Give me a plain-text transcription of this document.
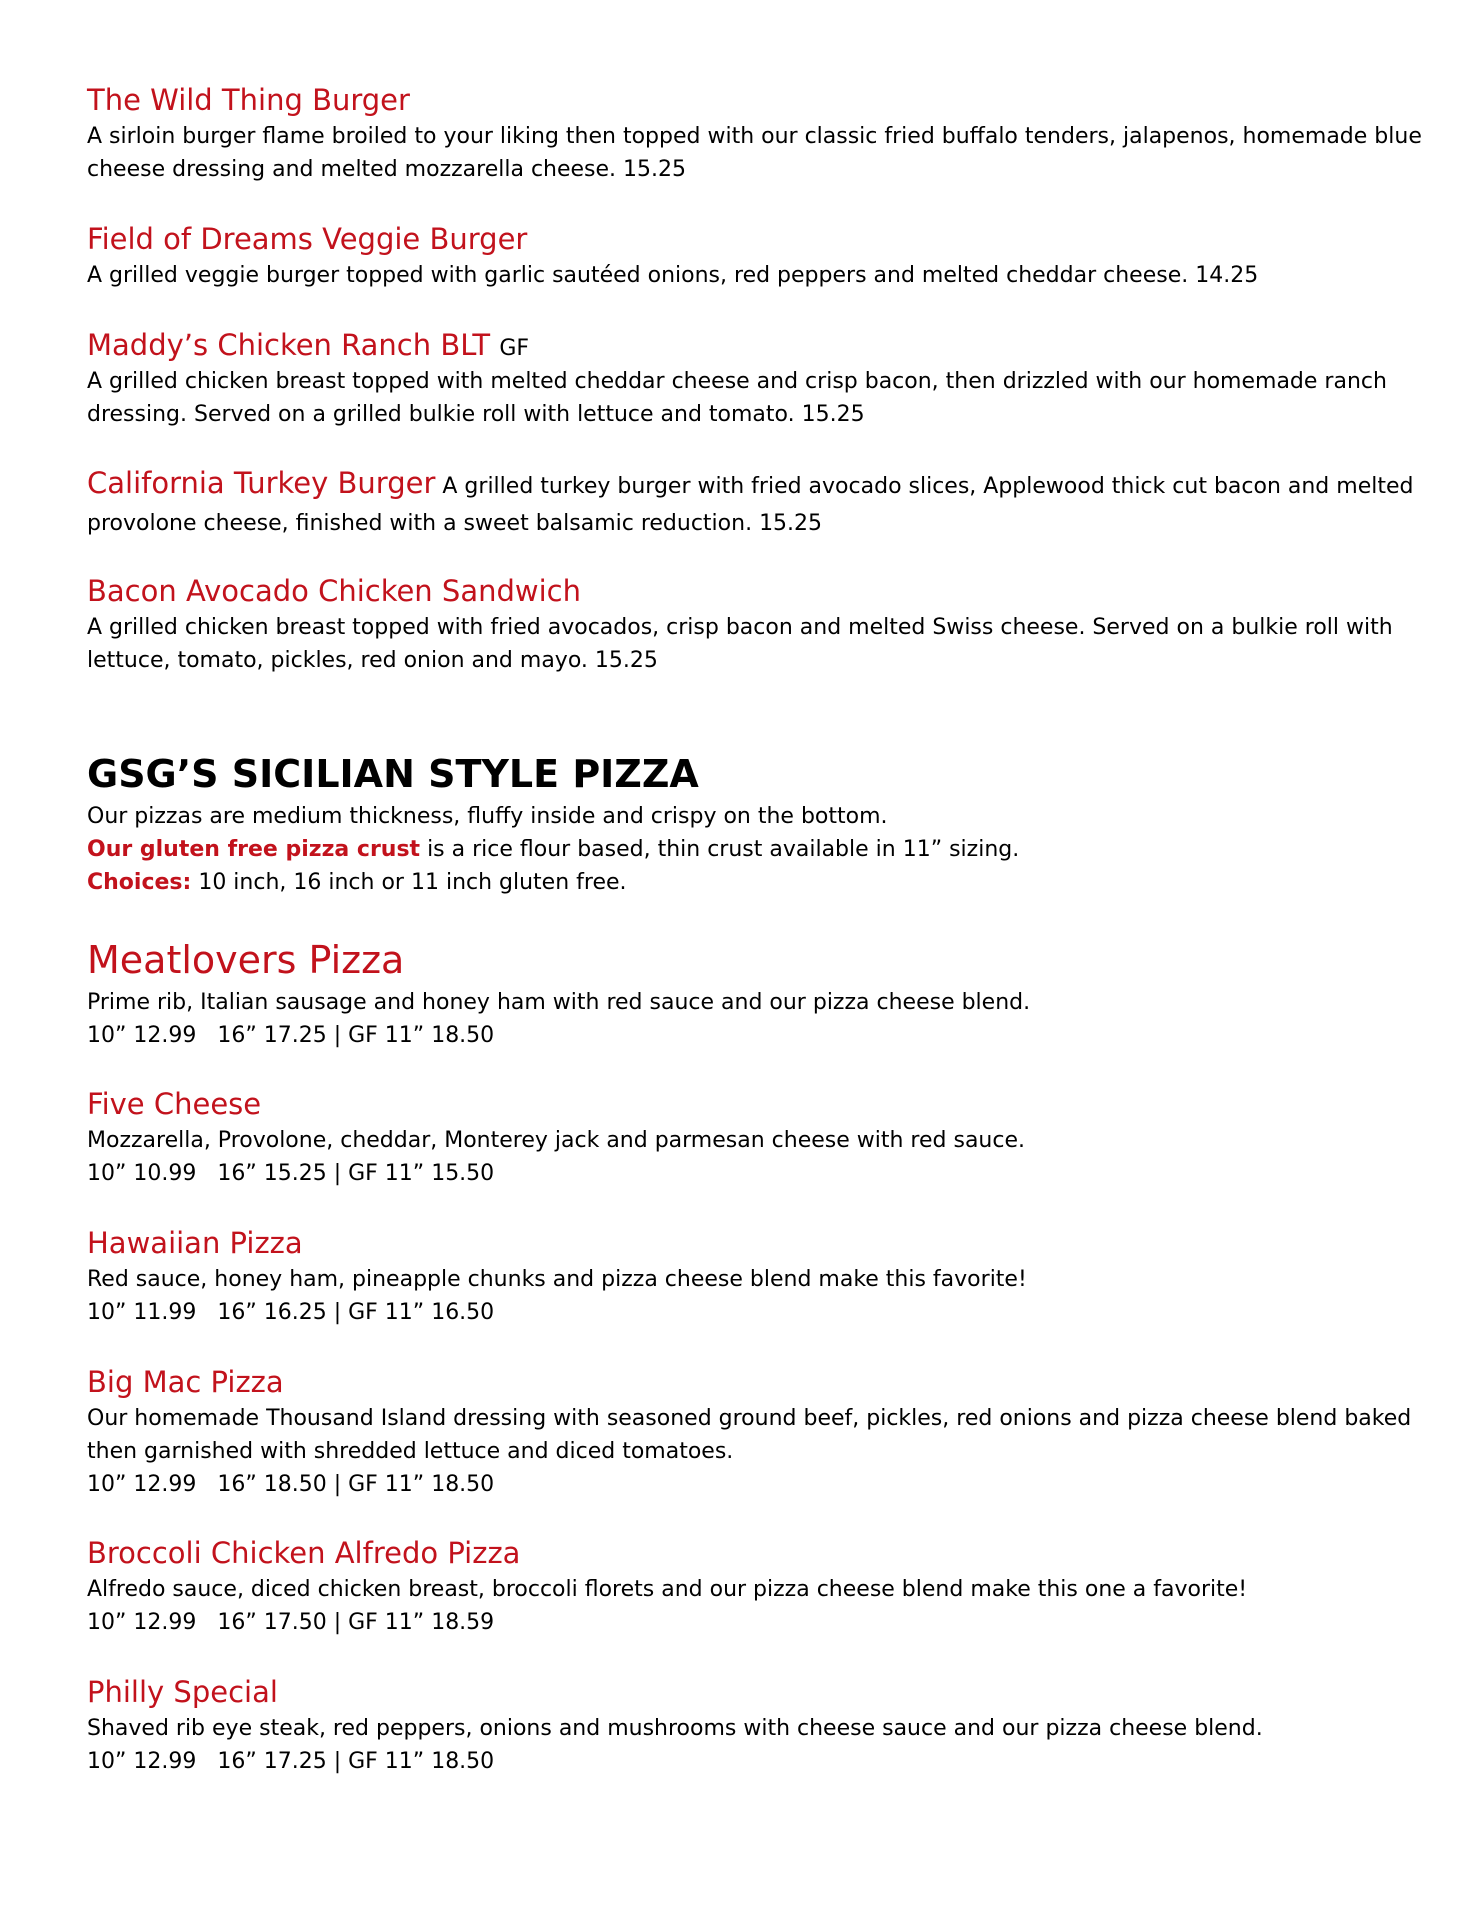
The Wild Thing Burger
A sirloin burger flame broiled to your liking then topped with our classic fried buffalo tenders, jalapenos, homemade blue cheese dressing and melted mozzarella cheese. 15.25
Field of Dreams Veggie Burger
A grilled veggie burger topped with garlic sautéed onions, red peppers and melted cheddar cheese. 14.25
Maddy’s Chicken Ranch BLT GF
A grilled chicken breast topped with melted cheddar cheese and crisp bacon, then drizzled with our homemade ranch dressing. Served on a grilled bulkie roll with lettuce and tomato. 15.25
California Turkey Burger A grilled turkey burger with fried avocado slices, Applewood thick cut bacon and melted provolone cheese, finished with a sweet balsamic reduction. 15.25
Bacon Avocado Chicken Sandwich
A grilled chicken breast topped with fried avocados, crisp bacon and melted Swiss cheese. Served on a bulkie roll with lettuce, tomato, pickles, red onion and mayo. 15.25
GSG’S SICILIAN STYLE PIZZA
Our pizzas are medium thickness, fluffy inside and crispy on the bottom.
Our gluten free pizza crust is a rice flour based, thin crust available in 11” sizing.
Choices: 10 inch, 16 inch or 11 inch gluten free.
Meatlovers Pizza
Prime rib, Italian sausage and honey ham with red sauce and our pizza cheese blend.
10” 12.99   16” 17.25 | GF 11” 18.50
Five Cheese
Mozzarella, Provolone, cheddar, Monterey jack and parmesan cheese with red sauce.
10” 10.99   16” 15.25 | GF 11” 15.50
Hawaiian Pizza
Red sauce, honey ham, pineapple chunks and pizza cheese blend make this favorite!
10” 11.99   16” 16.25 | GF 11” 16.50
Big Mac Pizza
Our homemade Thousand Island dressing with seasoned ground beef, pickles, red onions and pizza cheese blend baked then garnished with shredded lettuce and diced tomatoes.
10” 12.99   16” 18.50 | GF 11” 18.50
Broccoli Chicken Alfredo Pizza
Alfredo sauce, diced chicken breast, broccoli florets and our pizza cheese blend make this one a favorite!
10” 12.99   16” 17.50 | GF 11” 18.59
Philly Special
Shaved rib eye steak, red peppers, onions and mushrooms with cheese sauce and our pizza cheese blend.
10” 12.99   16” 17.25 | GF 11” 18.50
